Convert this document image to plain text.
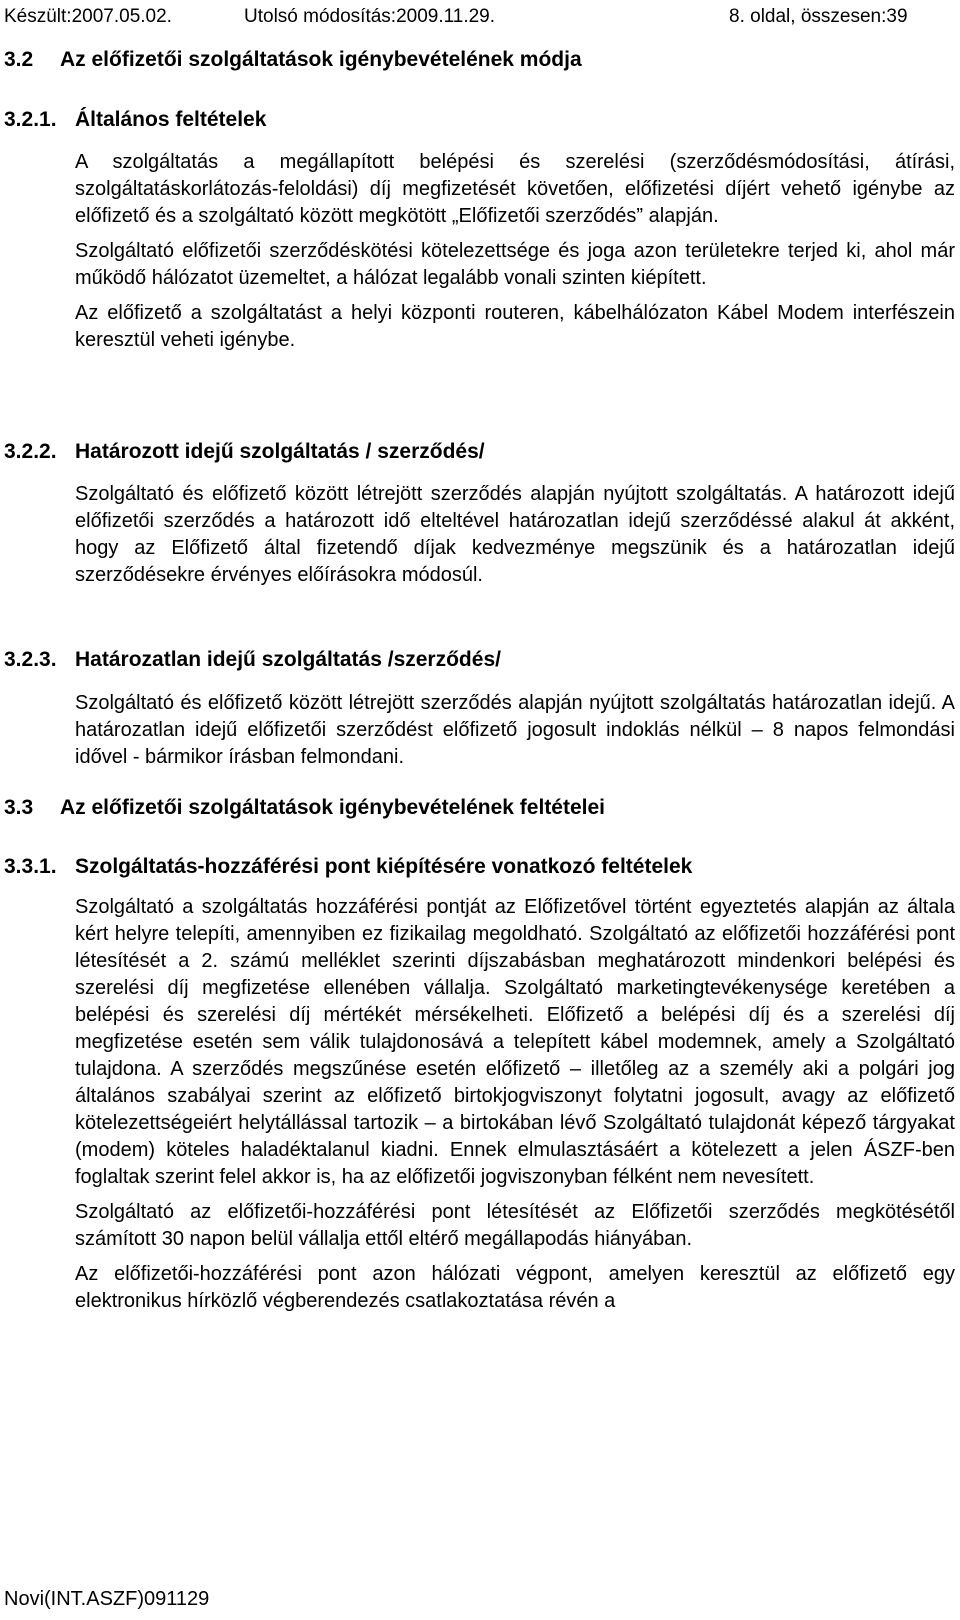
Készült:2007.05.02.	Utolsó módosítás:2009.11.29.	8. oldal, összesen:39
3.2 Az előfizetői szolgáltatások igénybevételének módja
3.2.1. Általános feltételek

A szolgáltatás a megállapított belépési és szerelési (szerződésmódosítási, átírási, szolgáltatáskorlátozás-feloldási) díj megfizetését követően, előfizetési díjért vehető igénybe az előfizető és a szolgáltató között megkötött „Előfizetői szerződés” alapján.

Szolgáltató előfizetői szerződéskötési kötelezettsége és joga azon területekre terjed ki, ahol már működő hálózatot üzemeltet, a hálózat legalább vonali szinten kiépített.

Az előfizető a szolgáltatást a helyi központi routeren, kábelhálózaton Kábel Modem interfészein keresztül veheti igénybe.

3.2.2. Határozott idejű szolgáltatás / szerződés/

Szolgáltató és előfizető között létrejött szerződés alapján nyújtott szolgáltatás. A határozott idejű előfizetői szerződés a határozott idő elteltével határozatlan idejű szerződéssé alakul át akként, hogy az Előfizető által fizetendő díjak kedvezménye megszünik és a határozatlan idejű szerződésekre érvényes előírásokra módosúl.

3.2.3. Határozatlan idejű szolgáltatás /szerződés/

Szolgáltató és előfizető között létrejött szerződés alapján nyújtott szolgáltatás határozatlan idejű. A határozatlan idejű előfizetői szerződést előfizető jogosult indoklás nélkül – 8 napos felmondási idővel - bármikor írásban felmondani.

3.3 Az előfizetői szolgáltatások igénybevételének feltételei
3.3.1. Szolgáltatás-hozzáférési pont kiépítésére vonatkozó feltételek

Szolgáltató a szolgáltatás hozzáférési pontját az Előfizetővel történt egyeztetés alapján az általa kért helyre telepíti, amennyiben ez fizikailag megoldható. Szolgáltató az előfizetői hozzáférési pont létesítését a 2. számú melléklet szerinti díjszabásban meghatározott mindenkori belépési és szerelési díj megfizetése ellenében vállalja. Szolgáltató marketingtevékenysége keretében a belépési és szerelési díj mértékét mérsékelheti. Előfizető a belépési díj és a szerelési díj megfizetése esetén sem válik tulajdonosává a telepített kábel modemnek, amely a Szolgáltató tulajdona. A szerződés megszűnése esetén előfizető – illetőleg az a személy aki a polgári jog általános szabályai szerint az előfizető birtokjogviszonyt folytatni jogosult, avagy az előfizető kötelezettségeiért helytállással tartozik – a birtokában lévő Szolgáltató tulajdonát képező tárgyakat (modem) köteles haladéktalanul kiadni. Ennek elmulasztásáért a kötelezett a jelen ÁSZF-ben foglaltak szerint felel akkor is, ha az előfizetői jogviszonyban félként nem nevesített.

Szolgáltató az előfizetői-hozzáférési pont létesítését az Előfizetői szerződés megkötésétől számított 30 napon belül vállalja ettől eltérő megállapodás hiányában.

Az előfizetői-hozzáférési pont azon hálózati végpont, amelyen keresztül az előfizető egy elektronikus hírközlő végberendezés csatlakoztatása révén a

Novi(INT.ASZF)091129
